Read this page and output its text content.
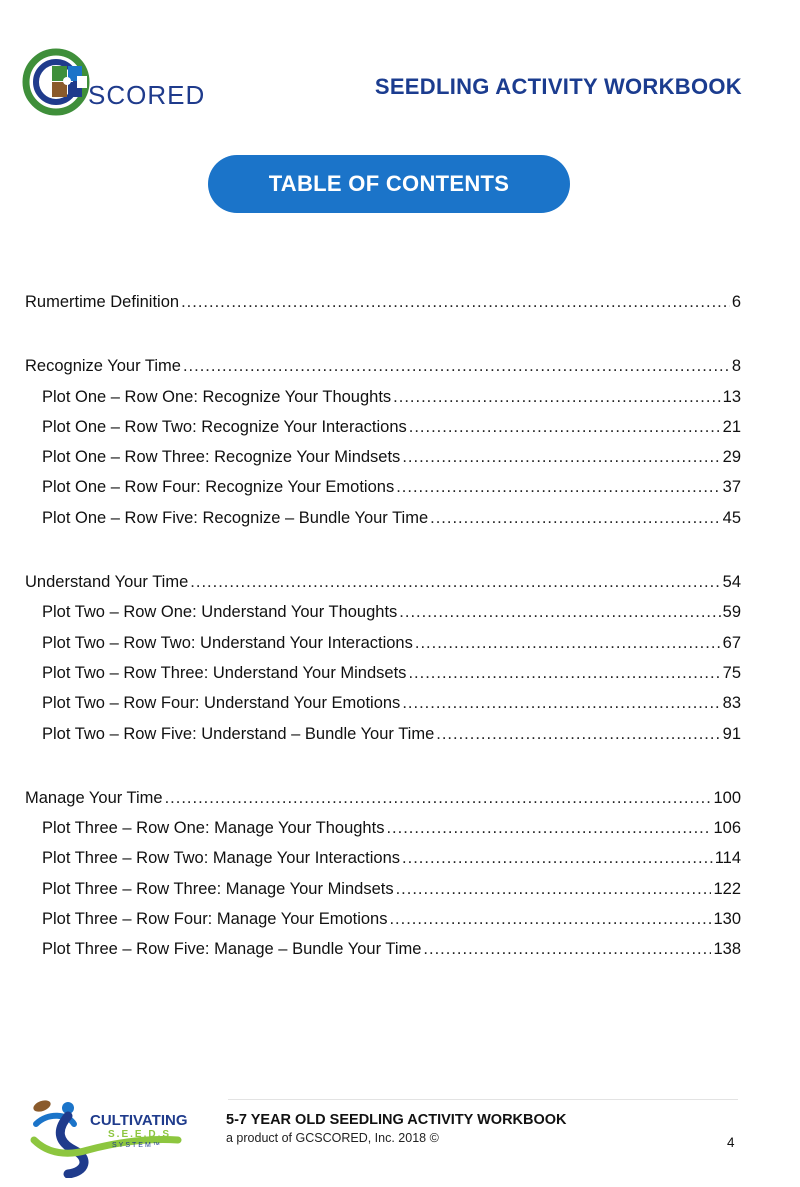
SCORED	SEEDLING ACTIVITY WORKBOOK
TABLE OF CONTENTS
Rumertime Definition .....	6
Recognize Your Time .....	8
Plot One – Row One: Recognize Your Thoughts .....	13
Plot One – Row Two: Recognize Your Interactions .....	21
Plot One – Row Three: Recognize Your Mindsets .....	29
Plot One – Row Four: Recognize Your Emotions .....	37
Plot One – Row Five: Recognize – Bundle Your Time .....	45
Understand Your Time .....	54
Plot Two – Row One: Understand Your Thoughts .....	59
Plot Two – Row Two: Understand Your Interactions .....	67
Plot Two – Row Three: Understand Your Mindsets .....	75
Plot Two – Row Four: Understand Your Emotions .....	83
Plot Two – Row Five: Understand – Bundle Your Time .....	91
Manage Your Time .....	100
Plot Three – Row One: Manage Your Thoughts .....	106
Plot Three – Row Two: Manage Your Interactions .....	114
Plot Three – Row Three: Manage Your Mindsets .....	122
Plot Three – Row Four: Manage Your Emotions .....	130
Plot Three – Row Five: Manage – Bundle Your Time .....	138
CULTIVATING
S.E.E.D.S
SYSTEM™
5-7 YEAR OLD SEEDLING ACTIVITY WORKBOOK
a product of GCSCORED, Inc. 2018 ©	4
